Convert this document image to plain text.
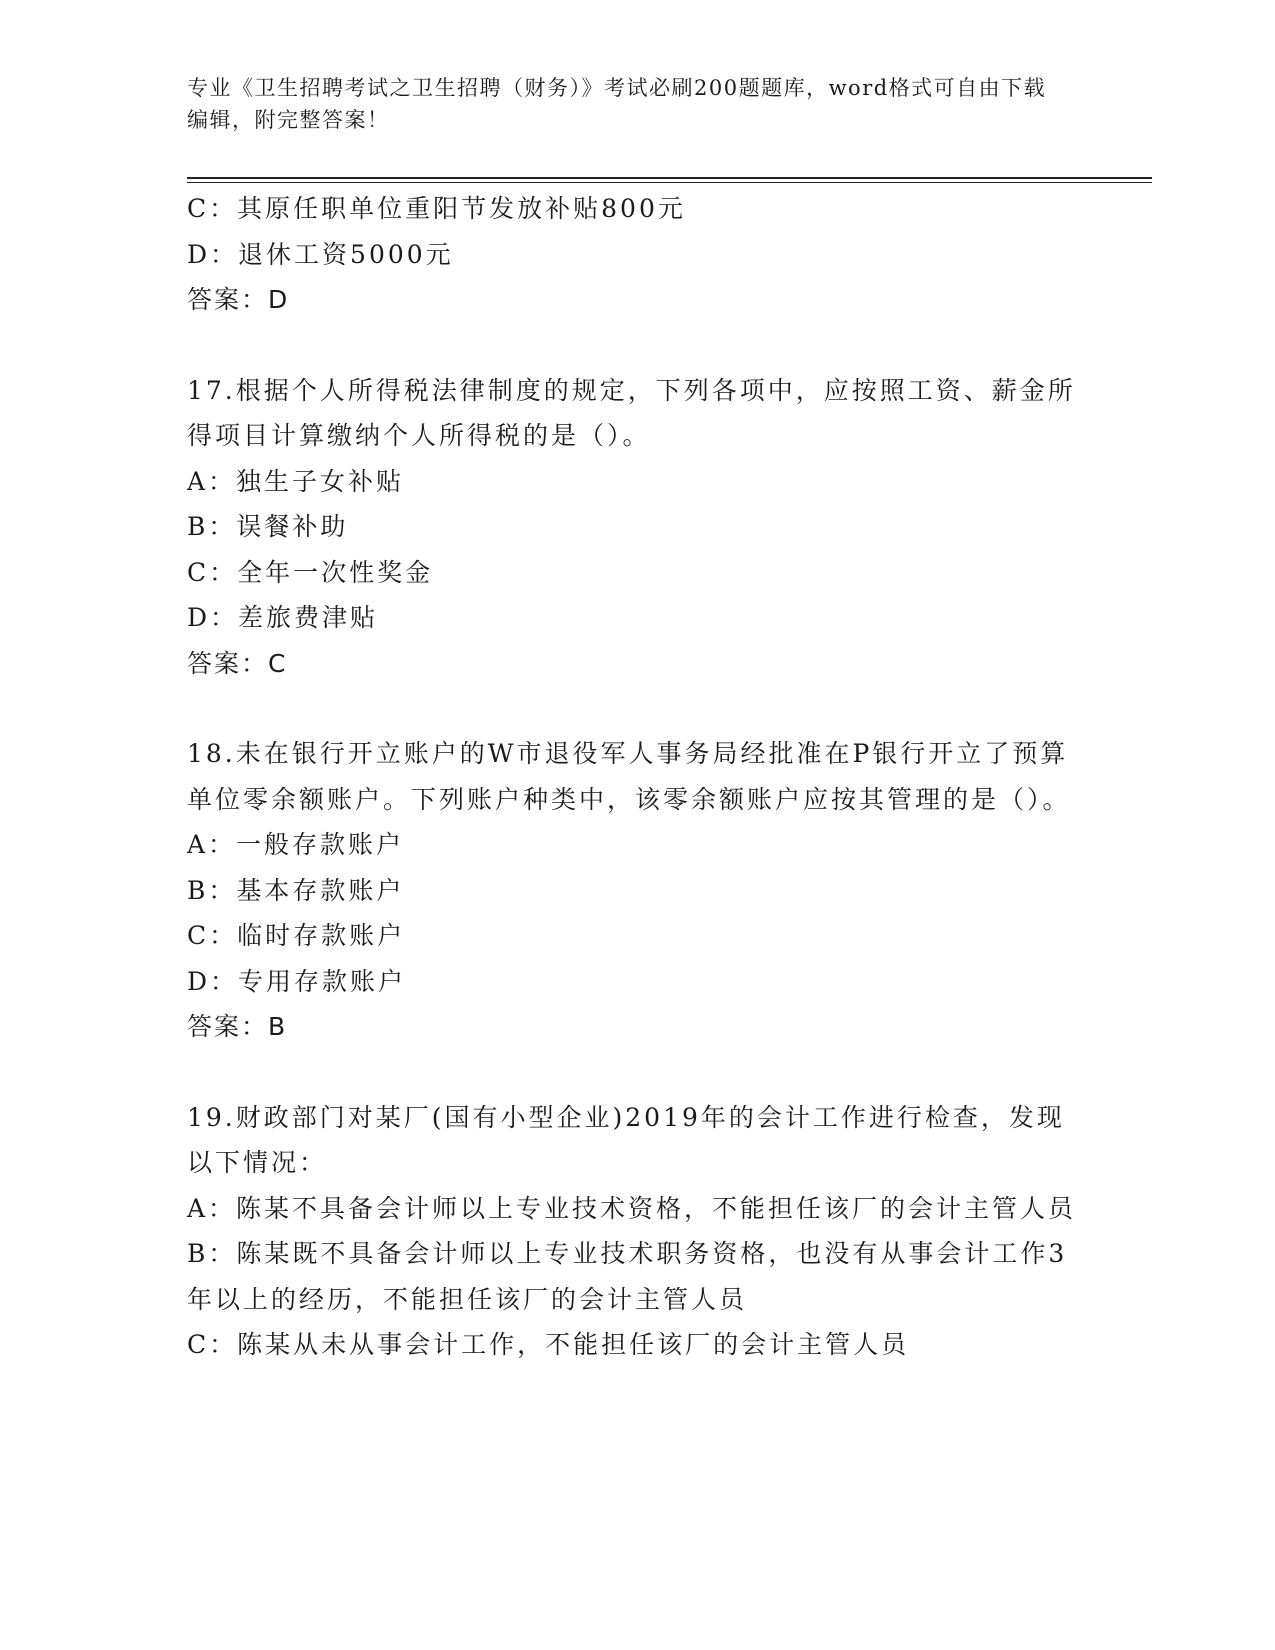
专业《卫生招聘考试之卫生招聘（财务）》考试必刷200题题库，word格式可自由下载编辑，附完整答案！
C：其原任职单位重阳节发放补贴800元
D：退休工资5000元
答案：D
17.根据个人所得税法律制度的规定，下列各项中，应按照工资、薪金所得项目计算缴纳个人所得税的是（）。
A：独生子女补贴
B：误餐补助
C：全年一次性奖金
D：差旅费津贴
答案：C
18.未在银行开立账户的W市退役军人事务局经批准在P银行开立了预算单位零余额账户。下列账户种类中，该零余额账户应按其管理的是（）。
A：一般存款账户
B：基本存款账户
C：临时存款账户
D：专用存款账户
答案：B
19.财政部门对某厂(国有小型企业)2019年的会计工作进行检查，发现以下情况：
A：陈某不具备会计师以上专业技术资格，不能担任该厂的会计主管人员
B：陈某既不具备会计师以上专业技术职务资格，也没有从事会计工作3年以上的经历，不能担任该厂的会计主管人员
C：陈某从未从事会计工作，不能担任该厂的会计主管人员
